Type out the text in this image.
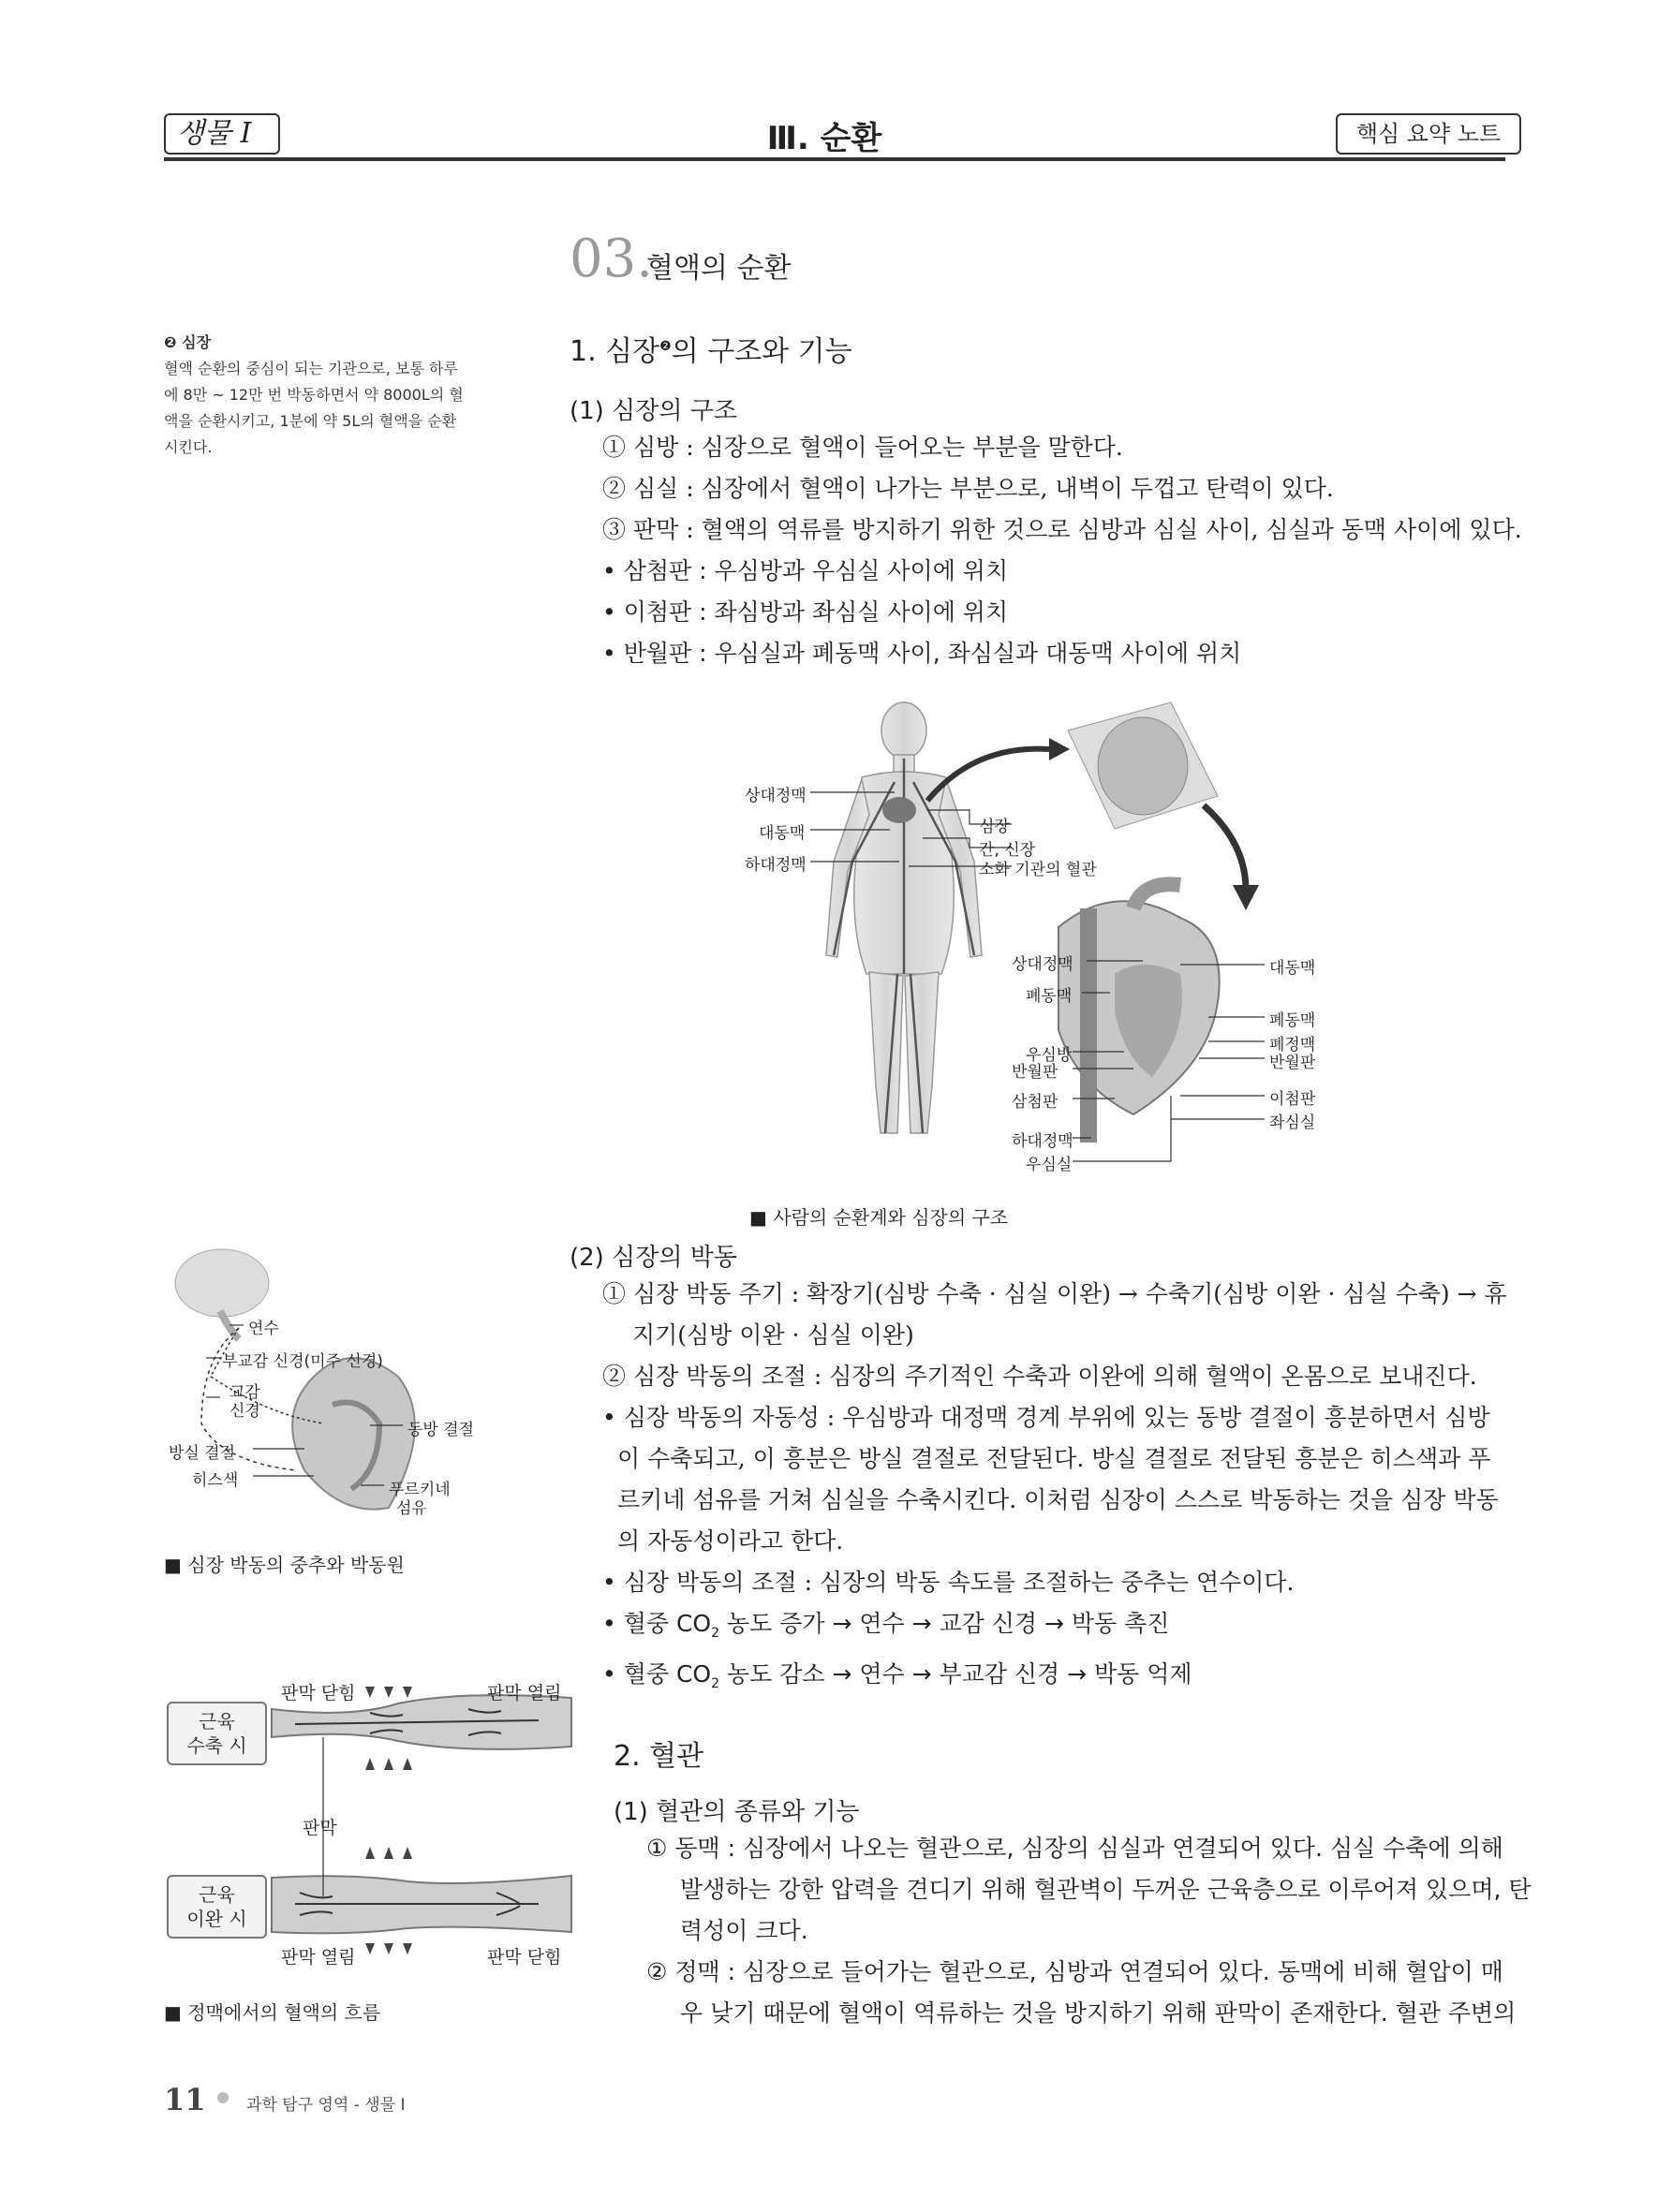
생물 I	Ⅲ. 순환	핵심 요약 노트
03.
혈액의 순환
❷ 심장
혈액 순환의 중심이 되는 기관으로, 보통 하루
에 8만 ~ 12만 번 박동하면서 약 8000L의 혈
액을 순환시키고, 1분에 약 5L의 혈액을 순환
시킨다.
1. 심장$^❷$의 구조와 기능
(1) 심장의 구조
① 심방 : 심장으로 혈액이 들어오는 부분을 말한다.
② 심실 : 심장에서 혈액이 나가는 부분으로, 내벽이 두껍고 탄력이 있다.
③ 판막 : 혈액의 역류를 방지하기 위한 것으로 심방과 심실 사이, 심실과 동맥 사이에 있다.
• 삼첨판 : 우심방과 우심실 사이에 위치
• 이첨판 : 좌심방과 좌심실 사이에 위치
• 반월판 : 우심실과 폐동맥 사이, 좌심실과 대동맥 사이에 위치
상대정맥
대동맥
하대정맥
심장
간, 신장
소화 기관의 혈관
상대정맥
폐동맥
우심방
반월판
삼첨판
하대정맥
우심실
대동맥
폐동맥
폐정맥
반월판
이첨판
좌심실
■ 사람의 순환계와 심장의 구조
(2) 심장의 박동
① 심장 박동 주기 : 확장기(심방 수축 · 심실 이완) → 수축기(심방 이완 · 심실 수축) → 휴
지기(심방 이완 · 심실 이완)
② 심장 박동의 조절 : 심장의 주기적인 수축과 이완에 의해 혈액이 온몸으로 보내진다.
• 심장 박동의 자동성 : 우심방과 대정맥 경계 부위에 있는 동방 결절이 흥분하면서 심방
이 수축되고, 이 흥분은 방실 결절로 전달된다. 방실 결절로 전달된 흥분은 히스색과 푸
르키네 섬유를 거쳐 심실을 수축시킨다. 이처럼 심장이 스스로 박동하는 것을 심장 박동
의 자동성이라고 한다.
• 심장 박동의 조절 : 심장의 박동 속도를 조절하는 중추는 연수이다.
• 혈중 $CO_2$ 농도 증가 → 연수 → 교감 신경 → 박동 촉진
• 혈중 $CO_2$ 농도 감소 → 연수 → 부교감 신경 → 박동 억제
연수
부교감 신경(미주 신경)
교감
신경
동방 결절
방실 결절
히스색	푸르키네
섬유
■ 심장 박동의 중추와 박동원
판막 닫힘	판막 열림
근육
수축 시
판막
근육
이완 시
판막 열림	판막 닫힘
■ 정맥에서의 혈액의 흐름
2. 혈관
(1) 혈관의 종류와 기능
① 동맥 : 심장에서 나오는 혈관으로, 심장의 심실과 연결되어 있다. 심실 수축에 의해
발생하는 강한 압력을 견디기 위해 혈관벽이 두꺼운 근육층으로 이루어져 있으며, 탄
력성이 크다.
② 정맥 : 심장으로 들어가는 혈관으로, 심방과 연결되어 있다. 동맥에 비해 혈압이 매
우 낮기 때문에 혈액이 역류하는 것을 방지하기 위해 판막이 존재한다. 혈관 주변의
11	과학 탐구 영역 - 생물 I
